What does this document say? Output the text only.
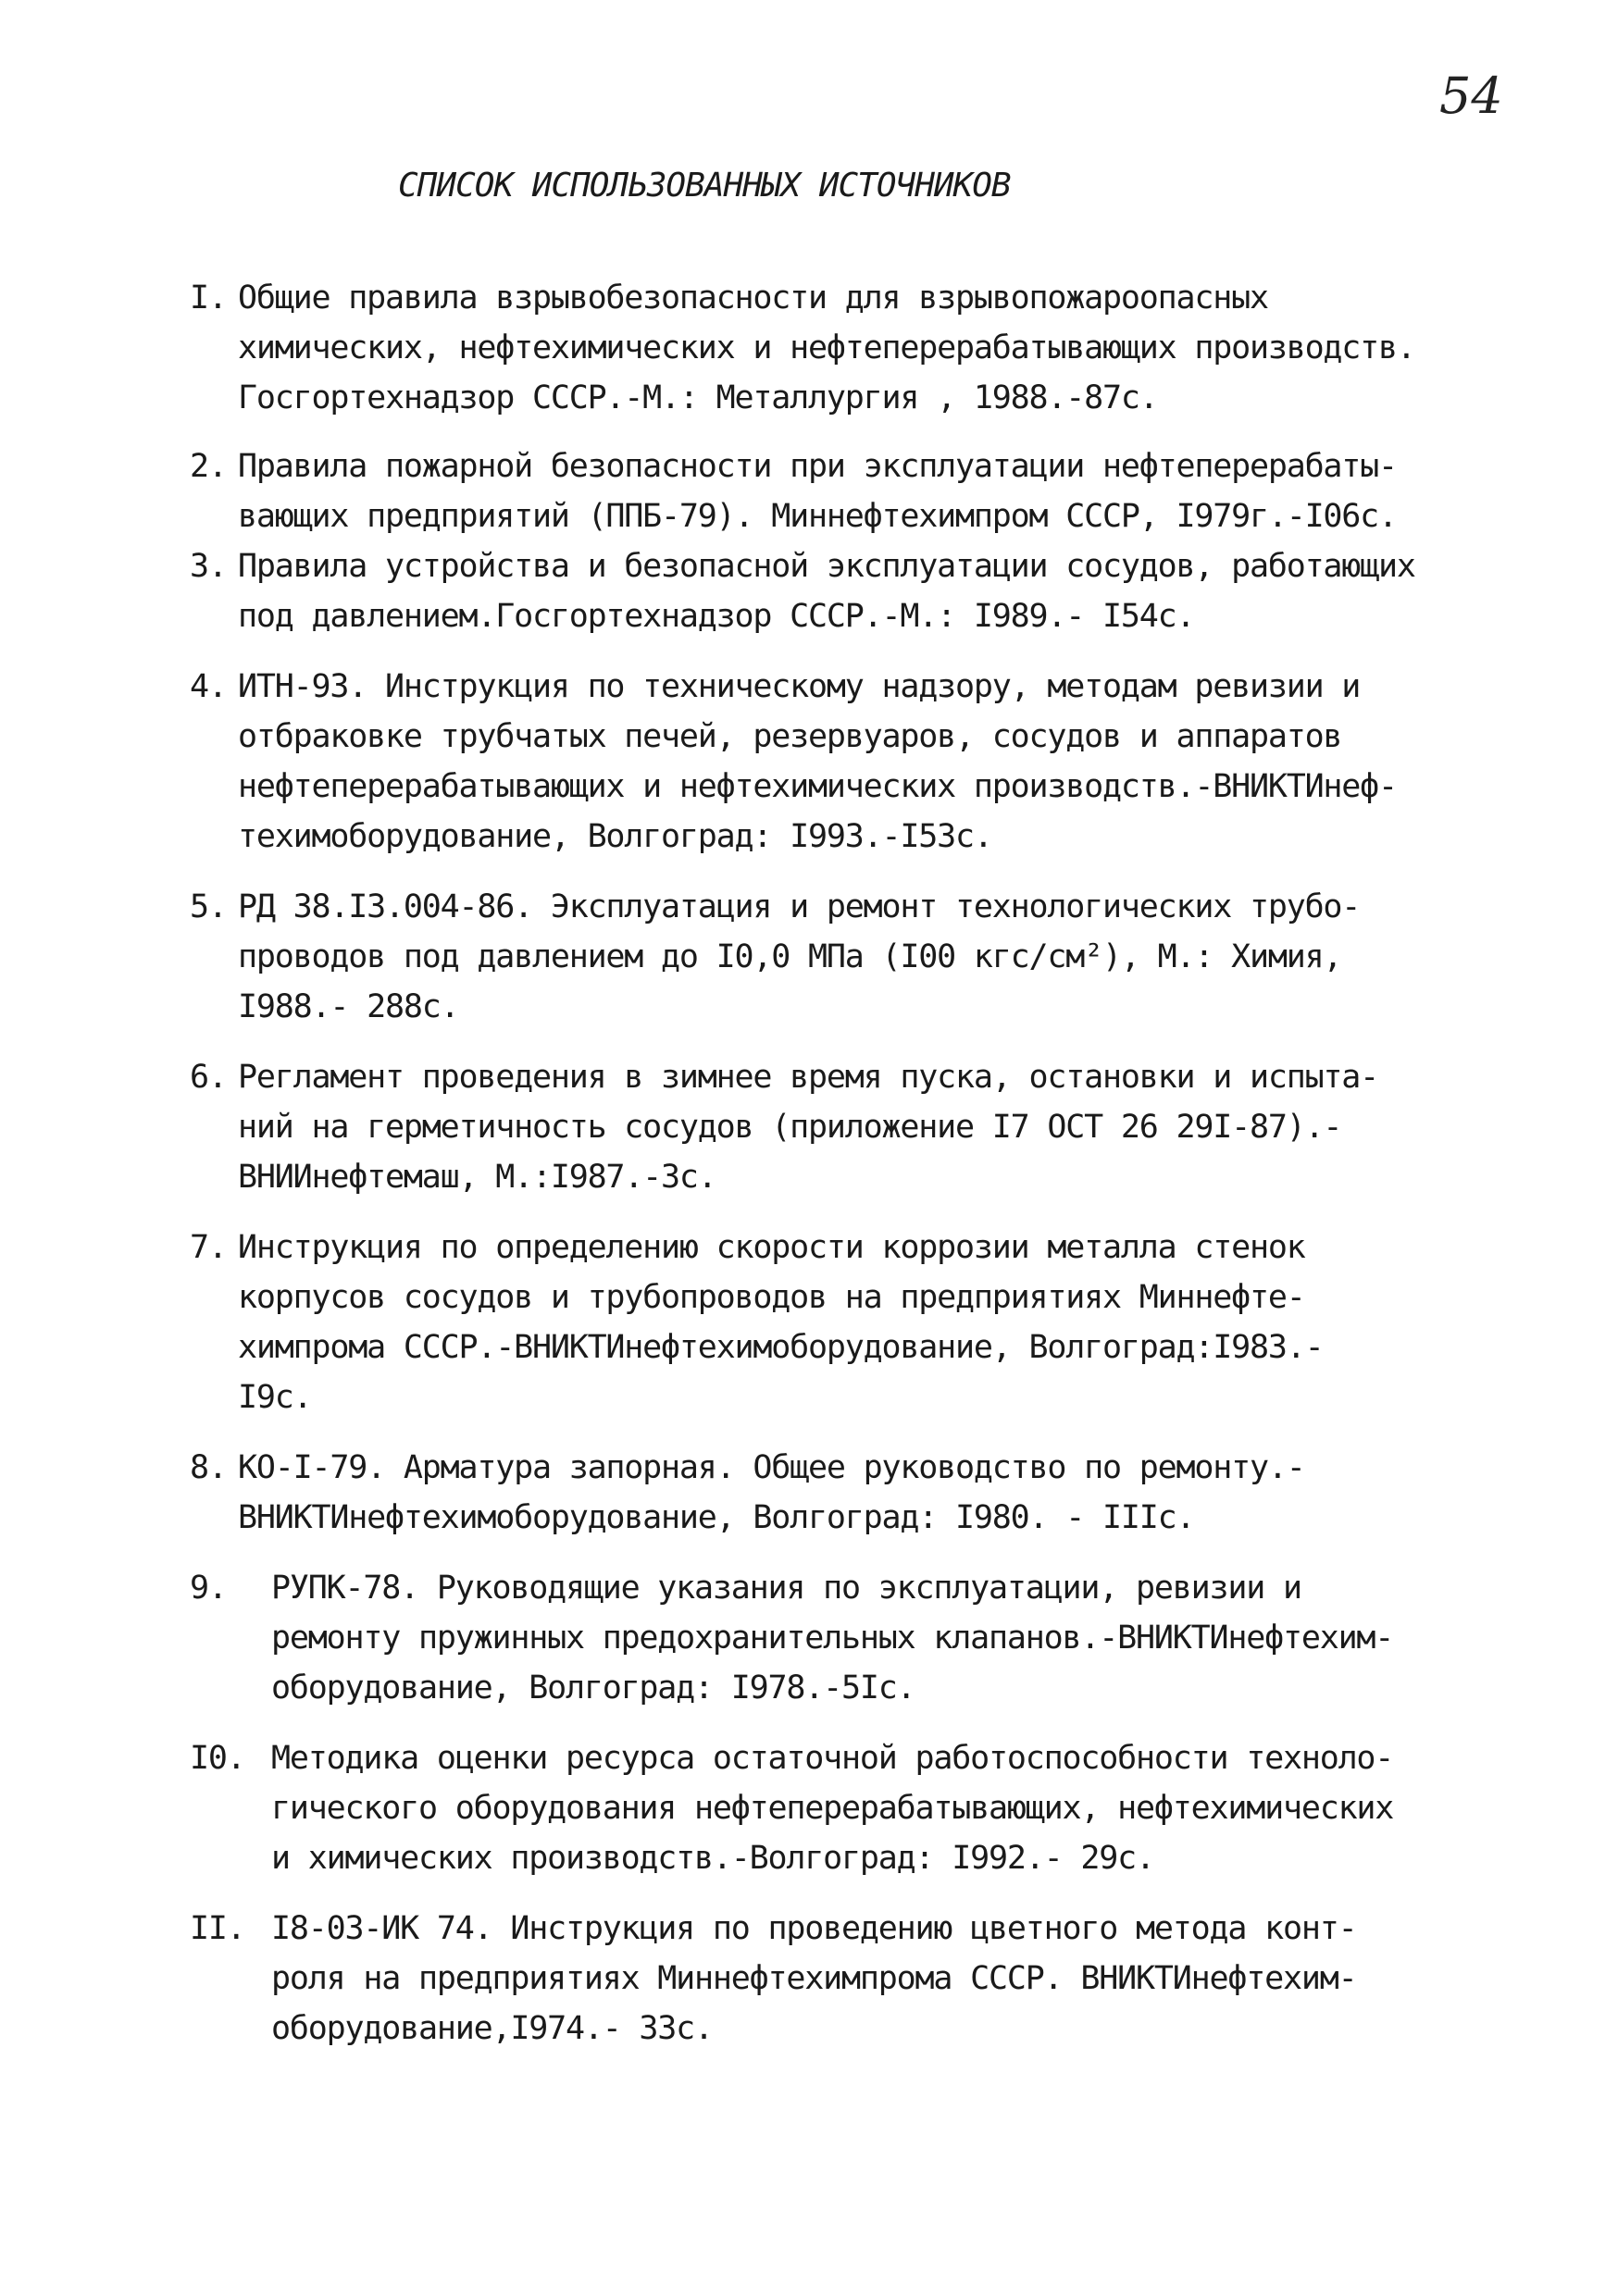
54
СПИСОК ИСПОЛЬЗОВАННЫХ ИСТОЧНИКОВ
I. Общие правила взрывобезопасности для взрывопожароопасных
химических, нефтехимических и нефтеперерабатывающих производств.
Госгортехнадзор СССР.-М.: Металлургия , 1988.-87с.
2. Правила пожарной безопасности при эксплуатации нефтеперерабаты-
вающих предприятий (ППБ-79). Миннефтехимпром СССР, I979г.-I06с.
3. Правила устройства и безопасной эксплуатации сосудов, работающих
под давлением.Госгортехнадзор СССР.-М.: I989.- I54с.
4. ИТН-93. Инструкция по техническому надзору, методам ревизии и
отбраковке трубчатых печей, резервуаров, сосудов и аппаратов
нефтеперерабатывающих и нефтехимических производств.-ВНИКТИнеф-
техимоборудование, Волгоград: I993.-I53с.
5. РД 38.I3.004-86. Эксплуатация и ремонт технологических трубо-
проводов под давлением до I0,0 МПа (I00 кгс/см²), М.: Химия,
I988.- 288с.
6. Регламент проведения в зимнее время пуска, остановки и испыта-
ний на герметичность сосудов (приложение I7 ОСТ 26 29I-87).-
ВНИИнефтемаш, М.:I987.-3с.
7. Инструкция по определению скорости коррозии металла стенок
корпусов сосудов и трубопроводов на предприятиях Миннефте-
химпрома СССР.-ВНИКТИнефтехимоборудование, Волгоград:I983.-
I9с.
8. КО-I-79. Арматура запорная. Общее руководство по ремонту.-
ВНИКТИнефтехимоборудование, Волгоград: I980. - IIIс.
9. РУПК-78. Руководящие указания по эксплуатации, ревизии и
ремонту пружинных предохранительных клапанов.-ВНИКТИнефтехим-
оборудование, Волгоград: I978.-5Iс.
I0. Методика оценки ресурса остаточной работоспособности техноло-
гического оборудования нефтеперерабатывающих, нефтехимических
и химических производств.-Волгоград: I992.- 29с.
II. I8-03-ИК 74. Инструкция по проведению цветного метода конт-
роля на предприятиях Миннефтехимпрома СССР. ВНИКТИнефтехим-
оборудование,I974.- 33с.
